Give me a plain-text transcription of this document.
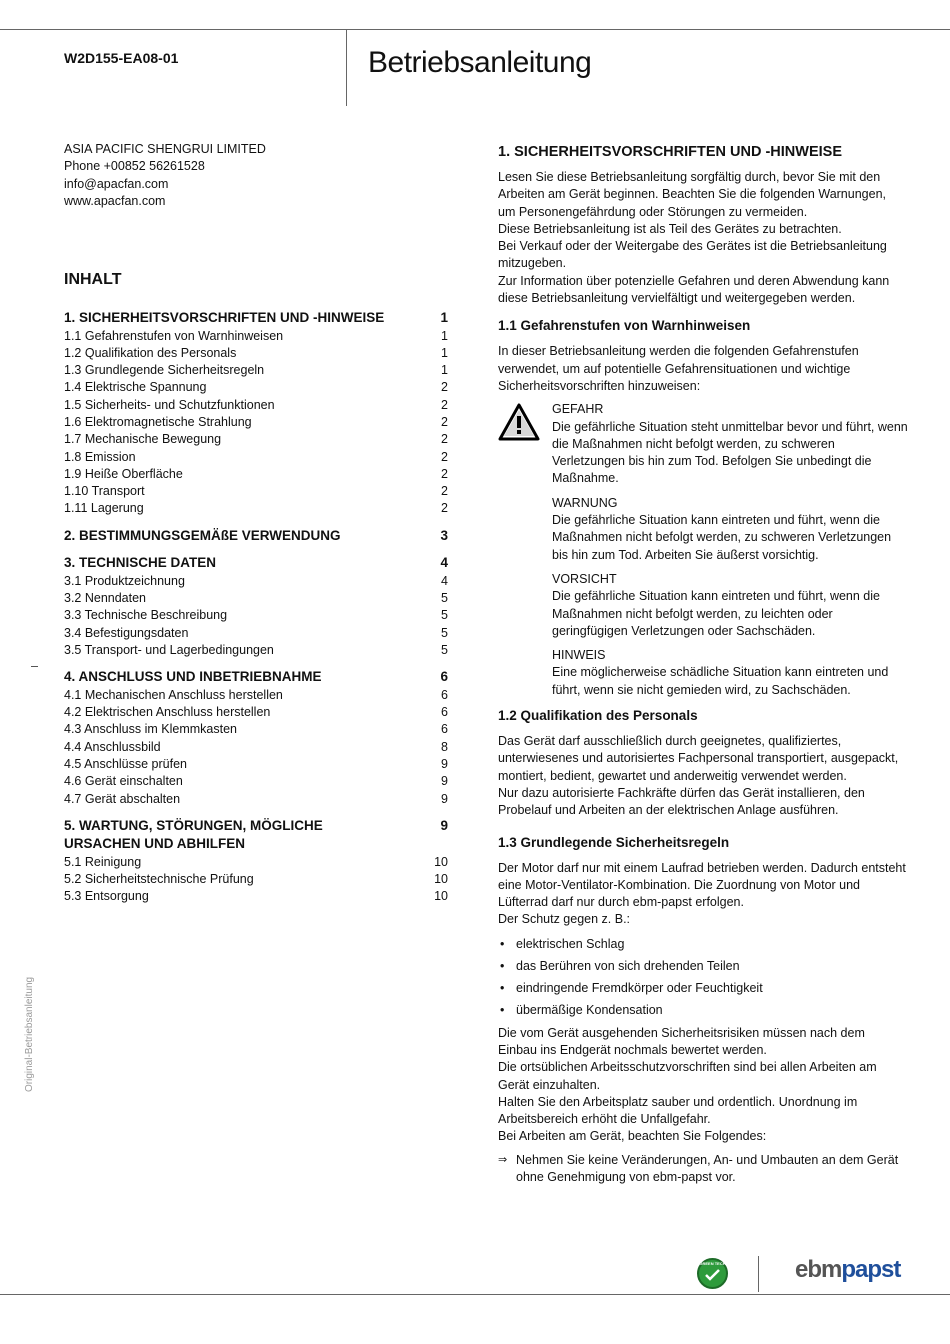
W2D155-EA08-01	Betriebsanleitung
ASIA PACIFIC SHENGRUI LIMITED
Phone +00852 56261528
info@apacfan.com
www.apacfan.com
INHALT
1. SICHERHEITSVORSCHRIFTEN UND -HINWEISE	1
1.1 Gefahrenstufen von Warnhinweisen	1
1.2 Qualifikation des Personals	1
1.3 Grundlegende Sicherheitsregeln	1
1.4 Elektrische Spannung	2
1.5 Sicherheits- und Schutzfunktionen	2
1.6 Elektromagnetische Strahlung	2
1.7 Mechanische Bewegung	2
1.8 Emission	2
1.9 Heiße Oberfläche	2
1.10 Transport	2
1.11 Lagerung	2
2. BESTIMMUNGSGEMÄßE VERWENDUNG	3
3. TECHNISCHE DATEN	4
3.1 Produktzeichnung	4
3.2 Nenndaten	5
3.3 Technische Beschreibung	5
3.4 Befestigungsdaten	5
3.5 Transport- und Lagerbedingungen	5
4. ANSCHLUSS UND INBETRIEBNAHME	6
4.1 Mechanischen Anschluss herstellen	6
4.2 Elektrischen Anschluss herstellen	6
4.3 Anschluss im Klemmkasten	6
4.4 Anschlussbild	8
4.5 Anschlüsse prüfen	9
4.6 Gerät einschalten	9
4.7 Gerät abschalten	9
5. WARTUNG, STÖRUNGEN, MÖGLICHE	9
URSACHEN UND ABHILFEN
5.1 Reinigung	10
5.2 Sicherheitstechnische Prüfung	10
5.3 Entsorgung	10
1. SICHERHEITSVORSCHRIFTEN UND -HINWEISE
Lesen Sie diese Betriebsanleitung sorgfältig durch, bevor Sie mit den
Arbeiten am Gerät beginnen. Beachten Sie die folgenden Warnungen,
um Personengefährdung oder Störungen zu vermeiden.
Diese Betriebsanleitung ist als Teil des Gerätes zu betrachten.
Bei Verkauf oder der Weitergabe des Gerätes ist die Betriebsanleitung
mitzugeben.
Zur Information über potenzielle Gefahren und deren Abwendung kann
diese Betriebsanleitung vervielfältigt und weitergegeben werden.
1.1 Gefahrenstufen von Warnhinweisen
In dieser Betriebsanleitung werden die folgenden Gefahrenstufen
verwendet, um auf potentielle Gefahrensituationen und wichtige
Sicherheitsvorschriften hinzuweisen:
GEFAHR
Die gefährliche Situation steht unmittelbar bevor und führt, wenn
die Maßnahmen nicht befolgt werden, zu schweren
Verletzungen bis hin zum Tod. Befolgen Sie unbedingt die
Maßnahme.
WARNUNG
Die gefährliche Situation kann eintreten und führt, wenn die
Maßnahmen nicht befolgt werden, zu schweren Verletzungen
bis hin zum Tod. Arbeiten Sie äußerst vorsichtig.
VORSICHT
Die gefährliche Situation kann eintreten und führt, wenn die
Maßnahmen nicht befolgt werden, zu leichten oder
geringfügigen Verletzungen oder Sachschäden.
HINWEIS
Eine möglicherweise schädliche Situation kann eintreten und
führt, wenn sie nicht gemieden wird, zu Sachschäden.
1.2 Qualifikation des Personals
Das Gerät darf ausschließlich durch geeignetes, qualifiziertes,
unterwiesenes und autorisiertes Fachpersonal transportiert, ausgepackt,
montiert, bedient, gewartet und anderweitig verwendet werden.
Nur dazu autorisierte Fachkräfte dürfen das Gerät installieren, den
Probelauf und Arbeiten an der elektrischen Anlage ausführen.
1.3 Grundlegende Sicherheitsregeln
Der Motor darf nur mit einem Laufrad betrieben werden. Dadurch entsteht
eine Motor-Ventilator-Kombination. Die Zuordnung von Motor und
Lüfterrad darf nur durch ebm-papst erfolgen.
Der Schutz gegen z. B.:
• elektrischen Schlag
• das Berühren von sich drehenden Teilen
• eindringende Fremdkörper oder Feuchtigkeit
• übermäßige Kondensation
Die vom Gerät ausgehenden Sicherheitsrisiken müssen nach dem
Einbau ins Endgerät nochmals bewertet werden.
Die ortsüblichen Arbeitsschutzvorschriften sind bei allen Arbeiten am
Gerät einzuhalten.
Halten Sie den Arbeitsplatz sauber und ordentlich. Unordnung im
Arbeitsbereich erhöht die Unfallgefahr.
Bei Arbeiten am Gerät, beachten Sie Folgendes:
⇒ Nehmen Sie keine Veränderungen, An- und Umbauten an dem Gerät
ohne Genehmigung von ebm-papst vor.
Original-Betriebsanleitung
GREEN TECH	ebmpapst
